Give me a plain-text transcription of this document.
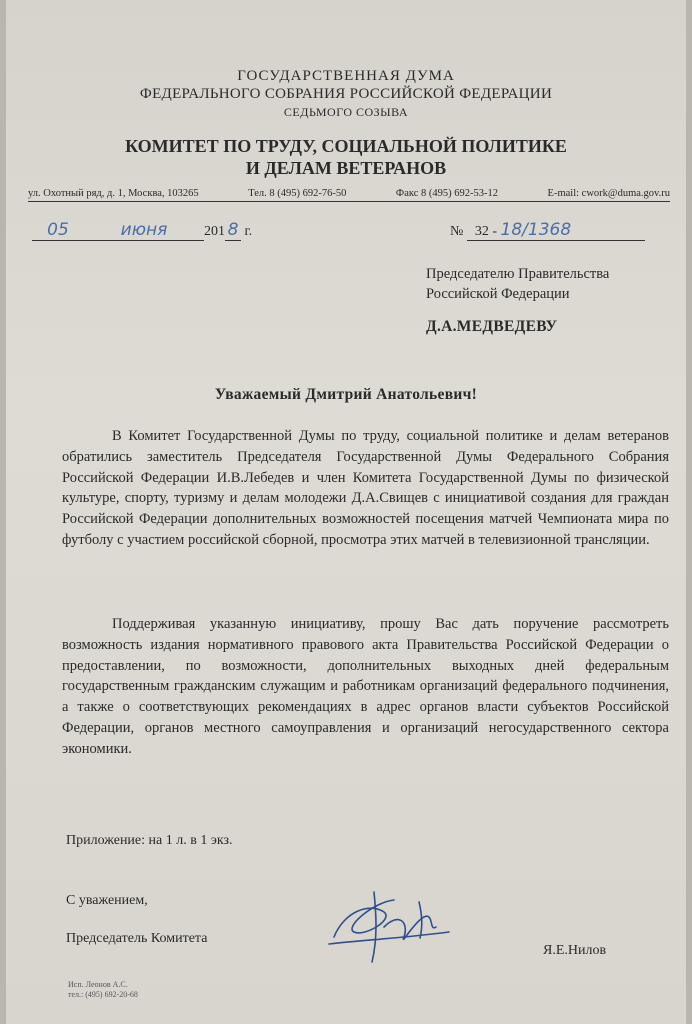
ГОСУДАРСТВЕННАЯ ДУМА
ФЕДЕРАЛЬНОГО СОБРАНИЯ РОССИЙСКОЙ ФЕДЕРАЦИИ
СЕДЬМОГО СОЗЫВА
КОМИТЕТ ПО ТРУДУ, СОЦИАЛЬНОЙ ПОЛИТИКЕ
И ДЕЛАМ ВЕТЕРАНОВ
ул. Охотный ряд, д. 1, Москва, 103265	Тел. 8 (495) 692-76-50	Факс 8 (495) 692-53-12	E-mail: cwork@duma.gov.ru
05	июня	201 8 г.	№ 32 - 18/1368
Председателю Правительства
Российской Федерации
Д.А.МЕДВЕДЕВУ
Уважаемый Дмитрий Анатольевич!

В Комитет Государственной Думы по труду, социальной политике и делам ветеранов обратились заместитель Председателя Государственной Думы Федерального Собрания Российской Федерации И.В.Лебедев и член Комитета Государственной Думы по физической культуре, спорту, туризму и делам молодежи Д.А.Свищев с инициативой создания для граждан Российской Федерации дополнительных возможностей посещения матчей Чемпионата мира по футболу с участием российской сборной, просмотра этих матчей в телевизионной трансляции.

Поддерживая указанную инициативу, прошу Вас дать поручение рассмотреть возможность издания нормативного правового акта Правительства Российской Федерации о предоставлении, по возможности, дополнительных выходных дней федеральным государственным гражданским служащим и работникам организаций федерального подчинения, а также о соответствующих рекомендациях в адрес органов власти субъектов Российской Федерации, органов местного самоуправления и организаций негосударственного сектора экономики.

Приложение: на 1 л. в 1 экз.
С уважением,
Председатель Комитета
Я.Е.Нилов
Исп. Леонов А.С.
тел.: (495) 692-20-68
